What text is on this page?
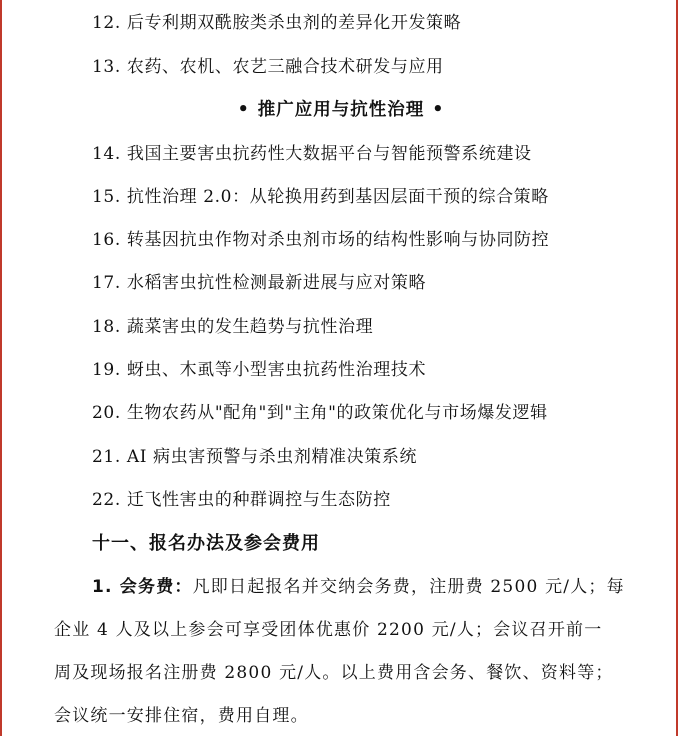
12. 后专利期双酰胺类杀虫剂的差异化开发策略
13. 农药、农机、农艺三融合技术研发与应用
• 推广应用与抗性治理 •
14. 我国主要害虫抗药性大数据平台与智能预警系统建设
15. 抗性治理 2.0：从轮换用药到基因层面干预的综合策略
16. 转基因抗虫作物对杀虫剂市场的结构性影响与协同防控
17. 水稻害虫抗性检测最新进展与应对策略
18. 蔬菜害虫的发生趋势与抗性治理
19. 蚜虫、木虱等小型害虫抗药性治理技术
20. 生物农药从"配角"到"主角"的政策优化与市场爆发逻辑
21. AI 病虫害预警与杀虫剂精准决策系统
22. 迁飞性害虫的种群调控与生态防控
十一、报名办法及参会费用
1. 会务费：凡即日起报名并交纳会务费，注册费 2500 元/人；每
企业 4 人及以上参会可享受团体优惠价 2200 元/人；会议召开前一
周及现场报名注册费 2800 元/人。以上费用含会务、餐饮、资料等；
会议统一安排住宿，费用自理。
